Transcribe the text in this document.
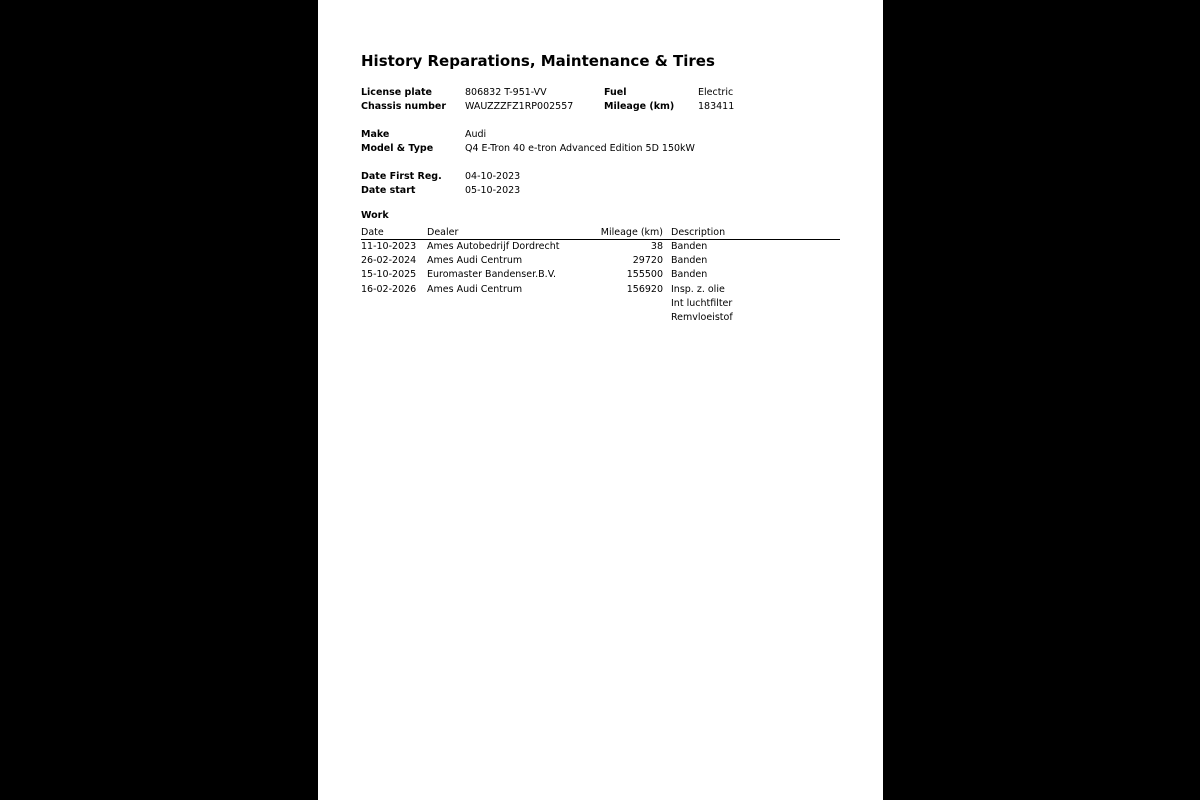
History Reparations, Maintenance & Tires
License plate	806832 T-951-VV	Fuel	Electric
Chassis number WAUZZZFZ1RP002557	Mileage (km) 183411
Make	Audi
Model & Type	Q4 E-Tron 40 e-tron Advanced Edition 5D 150kW
Date First Reg. 04-10-2023
Date start	05-10-2023
Work
Date	Dealer	Mileage (km) Description
11-10-2023 Ames Autobedrijf Dordrecht	38 Banden
26-02-2024 Ames Audi Centrum	29720 Banden
15-10-2025 Euromaster Bandenser.B.V.	155500 Banden
16-02-2026 Ames Audi Centrum	156920 Insp. z. olie
Int luchtfilter
Remvloeistof
